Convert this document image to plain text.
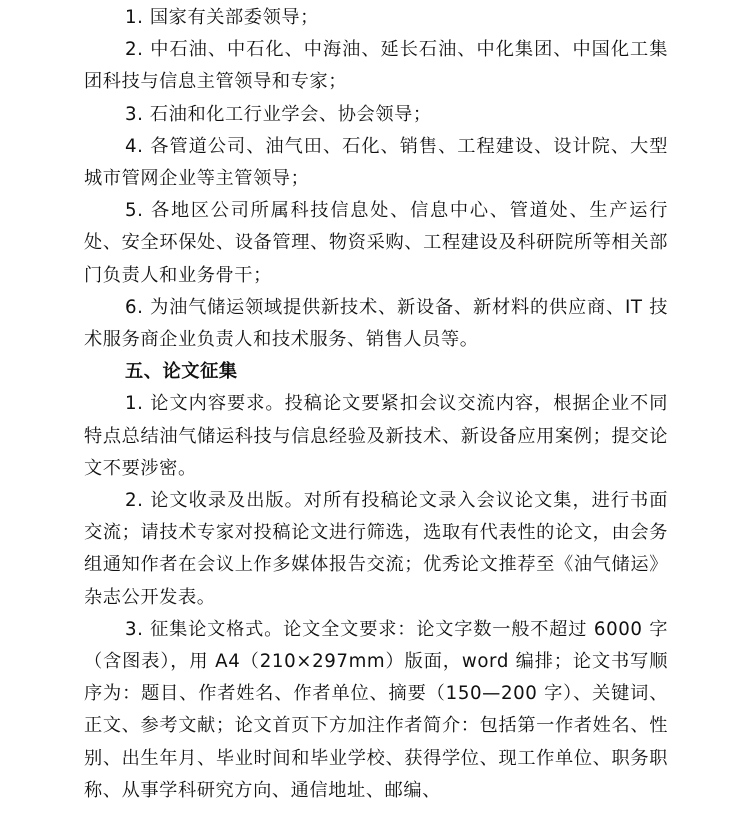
1. 国家有关部委领导；

2. 中石油、中石化、中海油、延长石油、中化集团、中国化工集团科技与信息主管领导和专家；

3. 石油和化工行业学会、协会领导；

4. 各管道公司、油气田、石化、销售、工程建设、设计院、大型城市管网企业等主管领导；

5. 各地区公司所属科技信息处、信息中心、管道处、生产运行处、安全环保处、设备管理、物资采购、工程建设及科研院所等相关部门负责人和业务骨干；

6. 为油气储运领域提供新技术、新设备、新材料的供应商、IT 技术服务商企业负责人和技术服务、销售人员等。

五、论文征集

1. 论文内容要求。投稿论文要紧扣会议交流内容，根据企业不同特点总结油气储运科技与信息经验及新技术、新设备应用案例；提交论文不要涉密。

2. 论文收录及出版。对所有投稿论文录入会议论文集，进行书面交流；请技术专家对投稿论文进行筛选，选取有代表性的论文，由会务组通知作者在会议上作多媒体报告交流；优秀论文推荐至《油气储运》杂志公开发表。

3. 征集论文格式。论文全文要求：论文字数一般不超过 6000 字（含图表），用 A4（210×297mm）版面，word 编排；论文书写顺序为：题目、作者姓名、作者单位、摘要（150—200 字）、关键词、正文、参考文献；论文首页下方加注作者简介：包括第一作者姓名、性别、出生年月、毕业时间和毕业学校、获得学位、现工作单位、职务职称、从事学科研究方向、通信地址、邮编、
